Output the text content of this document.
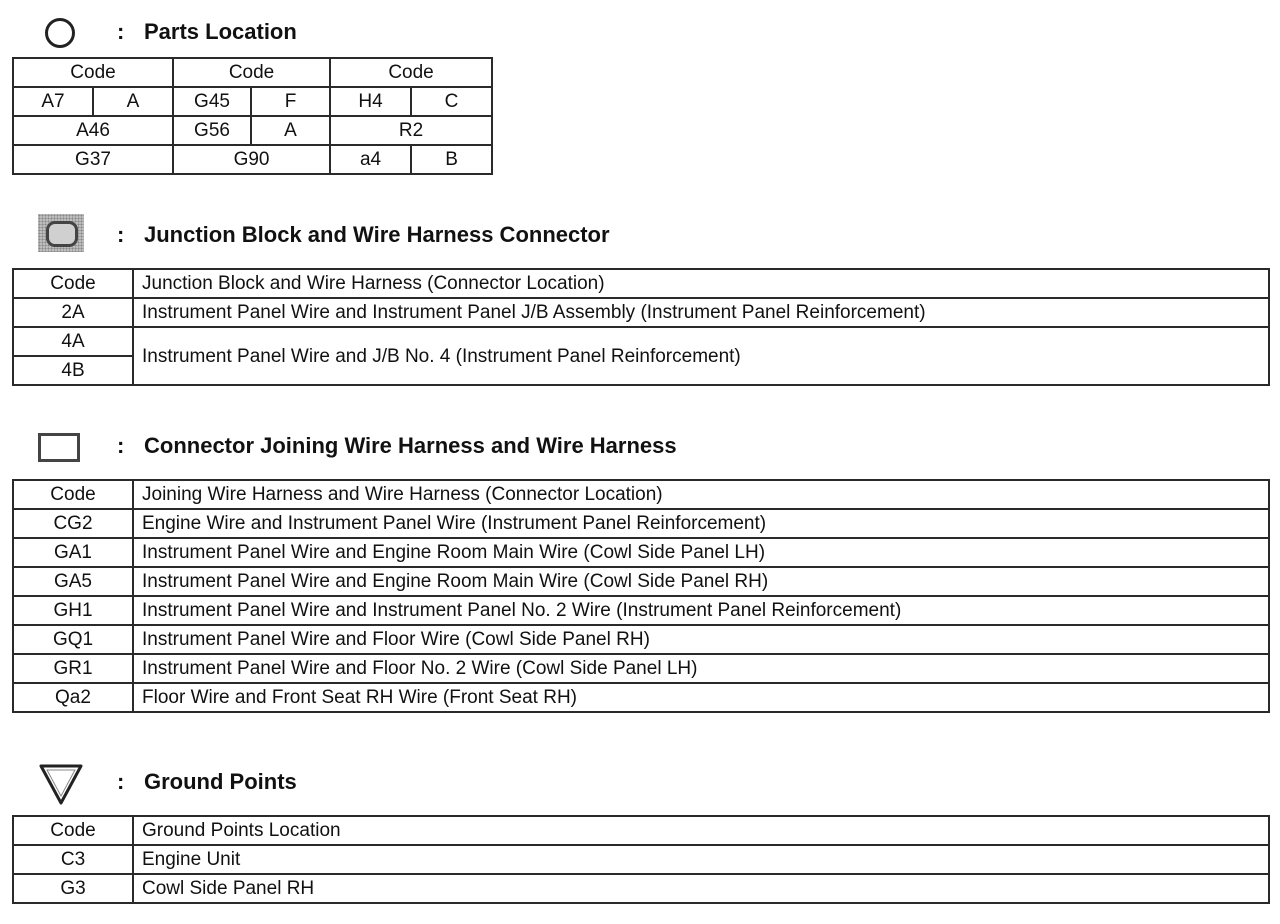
: Parts Location
Code		Code		Code	
A7	A	G45	F	H4	C
A46		G56	A	R2	
G37		G90		a4	B
: Junction Block and Wire Harness Connector
Code	Junction Block and Wire Harness (Connector Location)
2A	Instrument Panel Wire and Instrument Panel J/B Assembly (Instrument Panel Reinforcement)
4A	Instrument Panel Wire and J/B No. 4 (Instrument Panel Reinforcement)
4B	
: Connector Joining Wire Harness and Wire Harness
Code	Joining Wire Harness and Wire Harness (Connector Location)
CG2	Engine Wire and Instrument Panel Wire (Instrument Panel Reinforcement)
GA1	Instrument Panel Wire and Engine Room Main Wire (Cowl Side Panel LH)
GA5	Instrument Panel Wire and Engine Room Main Wire (Cowl Side Panel RH)
GH1	Instrument Panel Wire and Instrument Panel No. 2 Wire (Instrument Panel Reinforcement)
GQ1	Instrument Panel Wire and Floor Wire (Cowl Side Panel RH)
GR1	Instrument Panel Wire and Floor No. 2 Wire (Cowl Side Panel LH)
Qa2	Floor Wire and Front Seat RH Wire (Front Seat RH)
: Ground Points
Code	Ground Points Location
C3	Engine Unit
G3	Cowl Side Panel RH
